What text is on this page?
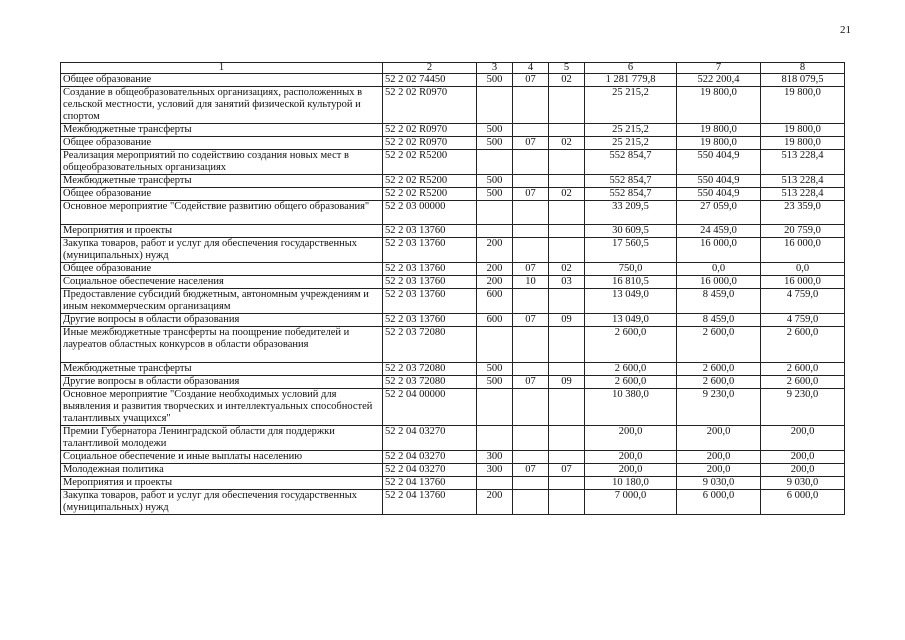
21
1	2	3	4	5	6	7	8
Общее образование	52 2 02 74450	500	07	02	1 281 779,8	522 200,4	818 079,5
Создание в общеобразовательных организациях, расположенных в сельской местности, условий для занятий физической культурой и спортом	52 2 02 R0970				25 215,2	19 800,0	19 800,0
Межбюджетные трансферты	52 2 02 R0970	500			25 215,2	19 800,0	19 800,0
Общее образование	52 2 02 R0970	500	07	02	25 215,2	19 800,0	19 800,0
Реализация мероприятий по содействию создания новых мест в общеобразовательных организациях	52 2 02 R5200				552 854,7	550 404,9	513 228,4
Межбюджетные трансферты	52 2 02 R5200	500			552 854,7	550 404,9	513 228,4
Общее образование	52 2 02 R5200	500	07	02	552 854,7	550 404,9	513 228,4
Основное мероприятие "Содействие развитию общего образования"	52 2 03 00000				33 209,5	27 059,0	23 359,0
Мероприятия и проекты	52 2 03 13760				30 609,5	24 459,0	20 759,0
Закупка товаров, работ и услуг для обеспечения государственных (муниципальных) нужд	52 2 03 13760	200			17 560,5	16 000,0	16 000,0
Общее образование	52 2 03 13760	200	07	02	750,0	0,0	0,0
Социальное обеспечение населения	52 2 03 13760	200	10	03	16 810,5	16 000,0	16 000,0
Предоставление субсидий бюджетным, автономным учреждениям и иным некоммерческим организациям	52 2 03 13760	600			13 049,0	8 459,0	4 759,0
Другие вопросы в области образования	52 2 03 13760	600	07	09	13 049,0	8 459,0	4 759,0
Иные межбюджетные трансферты на поощрение победителей и лауреатов областных конкурсов в области образования	52 2 03 72080				2 600,0	2 600,0	2 600,0
Межбюджетные трансферты	52 2 03 72080	500			2 600,0	2 600,0	2 600,0
Другие вопросы в области образования	52 2 03 72080	500	07	09	2 600,0	2 600,0	2 600,0
Основное мероприятие "Создание необходимых условий для выявления и развития творческих и интеллектуальных способностей талантливых учащихся"	52 2 04 00000				10 380,0	9 230,0	9 230,0
Премии Губернатора Ленинградской области для поддержки талантливой молодежи	52 2 04 03270				200,0	200,0	200,0
Социальное обеспечение и иные выплаты населению	52 2 04 03270	300			200,0	200,0	200,0
Молодежная политика	52 2 04 03270	300	07	07	200,0	200,0	200,0
Мероприятия и проекты	52 2 04 13760				10 180,0	9 030,0	9 030,0
Закупка товаров, работ и услуг для обеспечения государственных (муниципальных) нужд	52 2 04 13760	200			7 000,0	6 000,0	6 000,0
